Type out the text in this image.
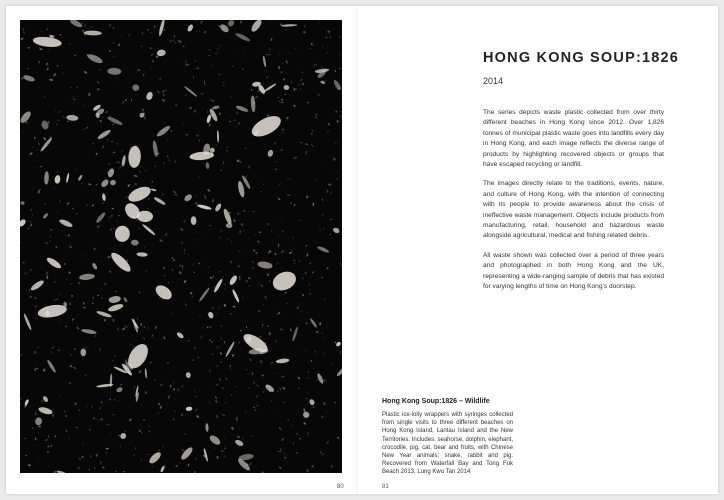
HONG KONG SOUP:1826
2014

The series depicts waste plastic collected from over thirty different beaches in Hong Kong since 2012. Over 1,826 tonnes of municipal plastic waste goes into landfills every day in Hong Kong, and each image reflects the diverse range of products by highlighting recovered objects or groups that have escaped recycling or landfill.

The images directly relate to the traditions, events, nature, and culture of Hong Kong, with the intention of connecting with its people to provide awareness about the crisis of ineffective waste management. Objects include products from manufacturing, retail, household and hazardous waste alongside agricultural, medical and fishing related debris.

All waste shown was collected over a period of three years and photographed in both Hong Kong and the UK, representing a wide-ranging sample of debris that has existed for varying lengths of time on Hong Kong’s doorstep.

Hong Kong Soup:1826 – Wildlife
Plastic ice-lolly wrappers with syringes collected from single visits to three different beaches on Hong Kong Island, Lantau Island and the New Territories. Includes: seahorse, dolphin, elephant, crocodile, pig, cat, bear and fruits, with Chinese New Year animals; snake, rabbit and pig. Recovered from Waterfall Bay and Tong Fuk Beach 2013, Lung Kwu Tan 2014
80	81
